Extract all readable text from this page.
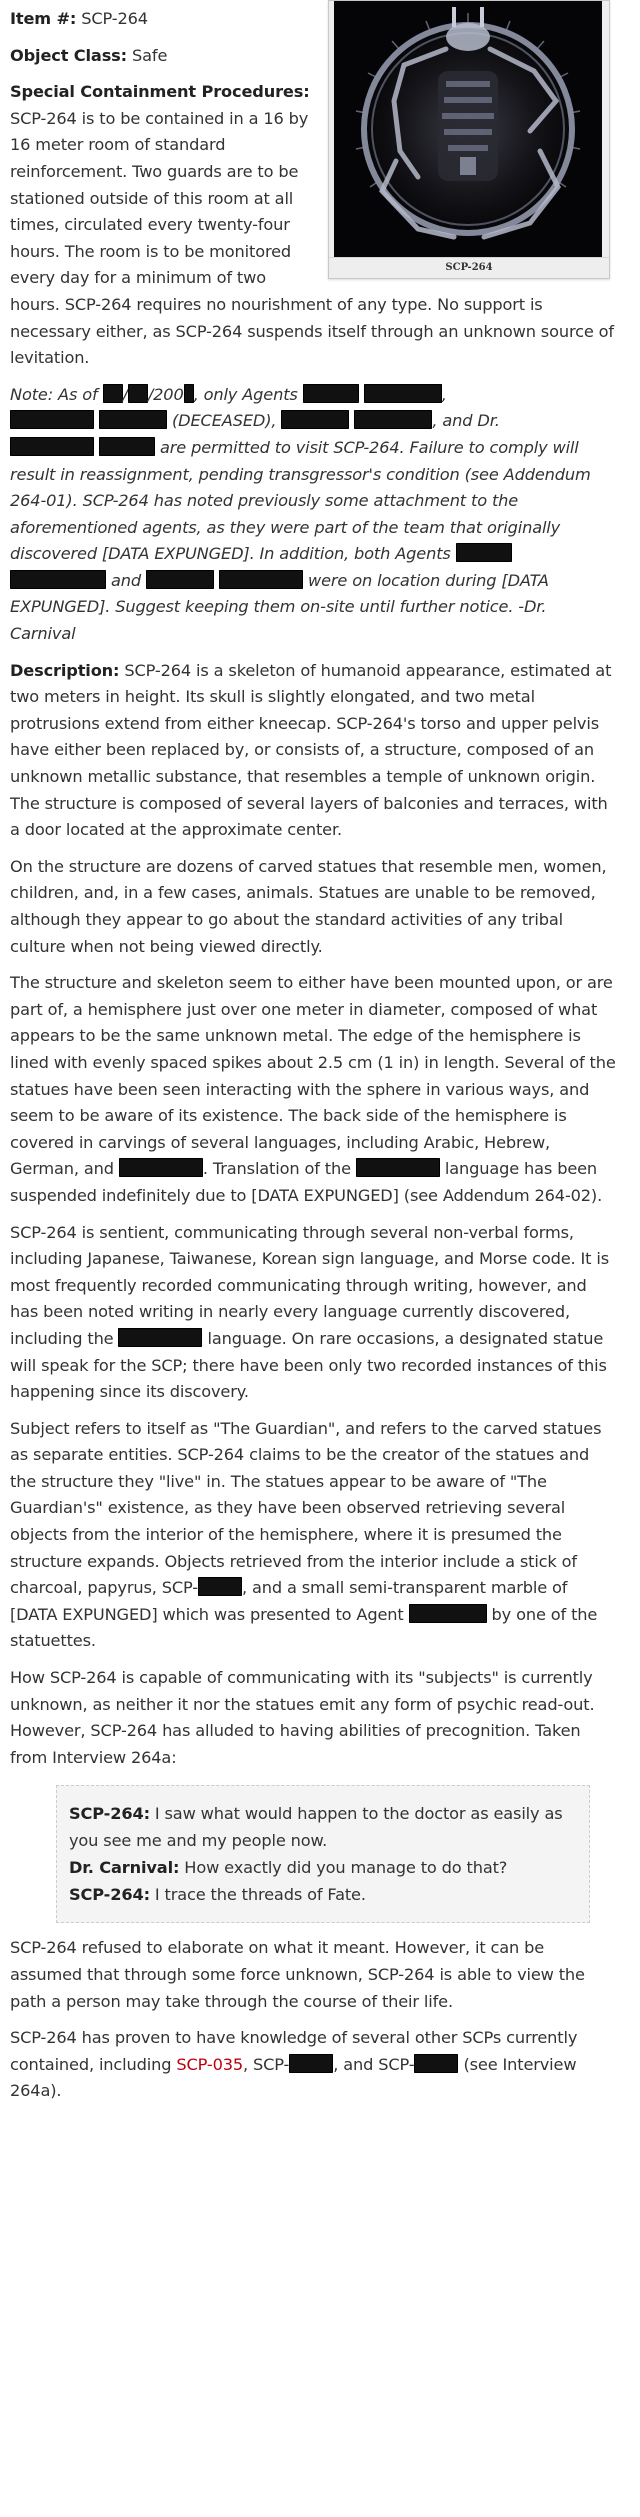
SCP-264

Item #: SCP-264

Object Class: Safe

Special Containment Procedures: SCP-264 is to be contained in a 16 by 16 meter room of standard reinforcement. Two guards are to be stationed outside of this room at all times, circulated every twenty-four hours. The room is to be monitored every day for a minimum of two hours. SCP-264 requires no nourishment of any type. No support is necessary either, as SCP-264 suspends itself through an unknown source of levitation.

Note: As of / /200 , only Agents	,
(DECEASED),	, and Dr.
are permitted to visit SCP-264. Failure to comply will result in reassignment, pending transgressor's condition (see Addendum 264-01). SCP-264 has noted previously some attachment to the aforementioned agents, as they were part of the team that originally discovered [DATA EXPUNGED]. In addition, both Agents
and	were on location during [DATA EXPUNGED]. Suggest keeping them on-site until further notice. -Dr. Carnival

Description: SCP-264 is a skeleton of humanoid appearance, estimated at two meters in height. Its skull is slightly elongated, and two metal protrusions extend from either kneecap. SCP-264's torso and upper pelvis have either been replaced by, or consists of, a structure, composed of an unknown metallic substance, that resembles a temple of unknown origin. The structure is composed of several layers of balconies and terraces, with a door located at the approximate center.

On the structure are dozens of carved statues that resemble men, women, children, and, in a few cases, animals. Statues are unable to be removed, although they appear to go about the standard activities of any tribal culture when not being viewed directly.

The structure and skeleton seem to either have been mounted upon, or are part of, a hemisphere just over one meter in diameter, composed of what appears to be the same unknown metal. The edge of the hemisphere is lined with evenly spaced spikes about 2.5 cm (1 in) in length. Several of the statues have been seen interacting with the sphere in various ways, and seem to be aware of its existence. The back side of the hemisphere is covered in carvings of several languages, including Arabic, Hebrew, German, and	. Translation of the	language has been suspended indefinitely due to [DATA EXPUNGED] (see Addendum 264-02).

SCP-264 is sentient, communicating through several non-verbal forms, including Japanese, Taiwanese, Korean sign language, and Morse code. It is most frequently recorded communicating through writing, however, and has been noted writing in nearly every language currently discovered, including the	language. On rare occasions, a designated statue will speak for the SCP; there have been only two recorded instances of this happening since its discovery.

Subject refers to itself as "The Guardian", and refers to the carved statues as separate entities. SCP-264 claims to be the creator of the statues and the structure they "live" in. The statues appear to be aware of "The Guardian's" existence, as they have been observed retrieving several objects from the interior of the hemisphere, where it is presumed the structure expands. Objects retrieved from the interior include a stick of charcoal, papyrus, SCP-	, and a small semi-transparent marble of [DATA EXPUNGED] which was presented to Agent	by one of the statuettes.

How SCP-264 is capable of communicating with its "subjects" is currently unknown, as neither it nor the statues emit any form of psychic read-out. However, SCP-264 has alluded to having abilities of precognition. Taken from Interview 264a:

SCP-264: I saw what would happen to the doctor as easily as you see me and my people now.

Dr. Carnival: How exactly did you manage to do that?

SCP-264: I trace the threads of Fate.

SCP-264 refused to elaborate on what it meant. However, it can be assumed that through some force unknown, SCP-264 is able to view the path a person may take through the course of their life.

SCP-264 has proven to have knowledge of several other SCPs currently contained, including SCP-035, SCP-	, and SCP-	(see Interview 264a).
